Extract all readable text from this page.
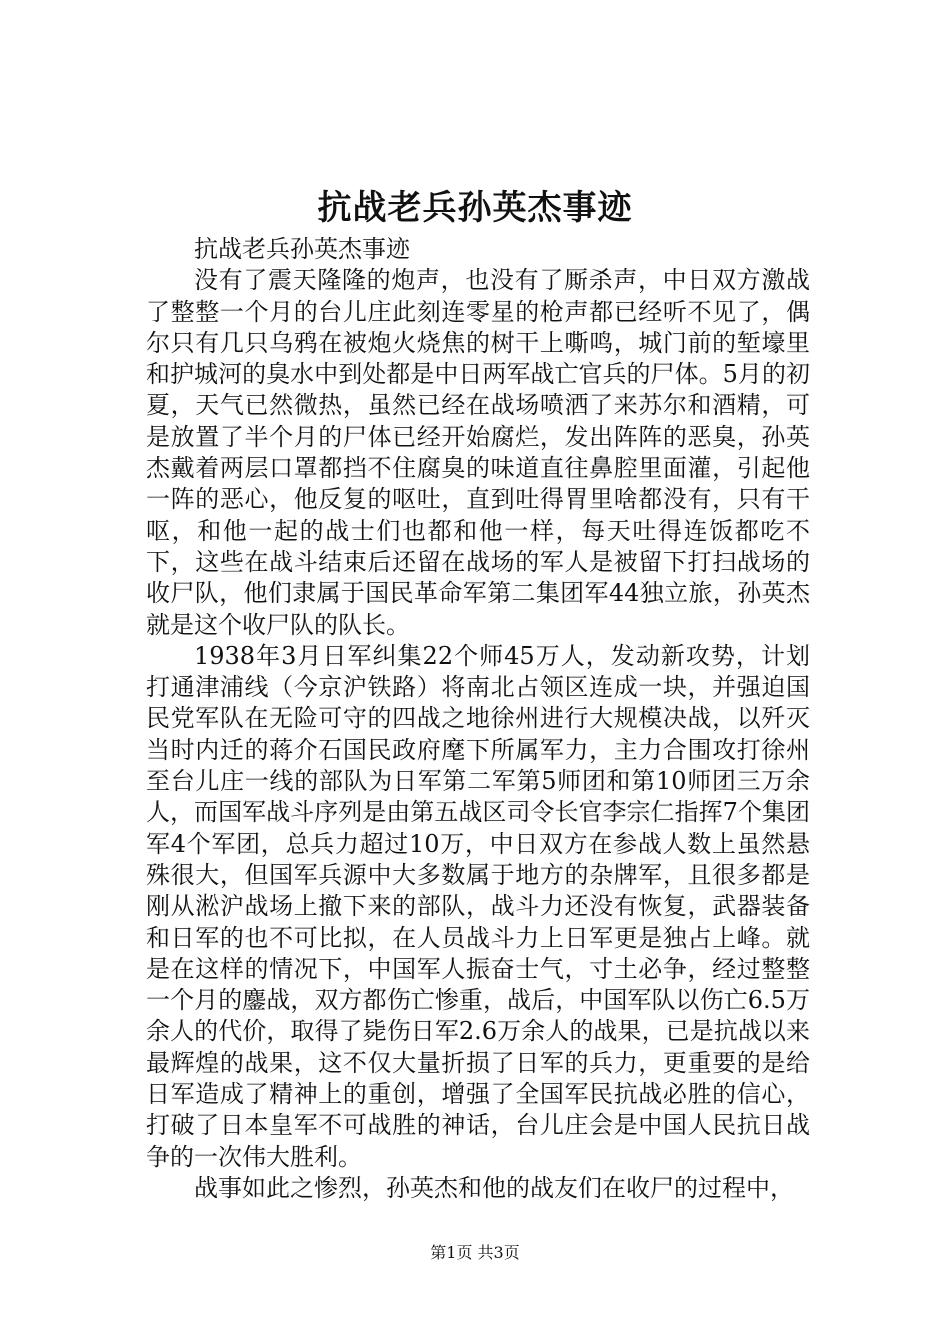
抗战老兵孙英杰事迹

抗战老兵孙英杰事迹

没有了震天隆隆的炮声，也没有了厮杀声，中日双方激战了整整一个月的台儿庄此刻连零星的枪声都已经听不见了，偶尔只有几只乌鸦在被炮火烧焦的树干上嘶鸣，城门前的堑壕里和护城河的臭水中到处都是中日两军战亡官兵的尸体。5月的初夏，天气已然微热，虽然已经在战场喷洒了来苏尔和酒精，可是放置了半个月的尸体已经开始腐烂，发出阵阵的恶臭，孙英杰戴着两层口罩都挡不住腐臭的味道直往鼻腔里面灌，引起他一阵的恶心，他反复的呕吐，直到吐得胃里啥都没有，只有干呕，和他一起的战士们也都和他一样，每天吐得连饭都吃不下，这些在战斗结束后还留在战场的军人是被留下打扫战场的收尸队，他们隶属于国民革命军第二集团军44独立旅，孙英杰就是这个收尸队的队长。

1938年3月日军纠集22个师45万人，发动新攻势，计划打通津浦线（今京沪铁路）将南北占领区连成一块，并强迫国民党军队在无险可守的四战之地徐州进行大规模决战，以歼灭当时内迁的蒋介石国民政府麾下所属军力，主力合围攻打徐州至台儿庄一线的部队为日军第二军第5师团和第10师团三万余人，而国军战斗序列是由第五战区司令长官李宗仁指挥7个集团军4个军团，总兵力超过10万，中日双方在参战人数上虽然悬殊很大，但国军兵源中大多数属于地方的杂牌军，且很多都是刚从淞沪战场上撤下来的部队，战斗力还没有恢复，武器装备和日军的也不可比拟，在人员战斗力上日军更是独占上峰。就是在这样的情况下，中国军人振奋士气，寸土必争，经过整整一个月的鏖战，双方都伤亡惨重，战后，中国军队以伤亡6.5万余人的代价，取得了毙伤日军2.6万余人的战果，已是抗战以来最辉煌的战果，这不仅大量折损了日军的兵力，更重要的是给日军造成了精神上的重创，增强了全国军民抗战必胜的信心，打破了日本皇军不可战胜的神话，台儿庄会是中国人民抗日战争的一次伟大胜利。

战事如此之惨烈，孙英杰和他的战友们在收尸的过程中，

第1页 共3页
